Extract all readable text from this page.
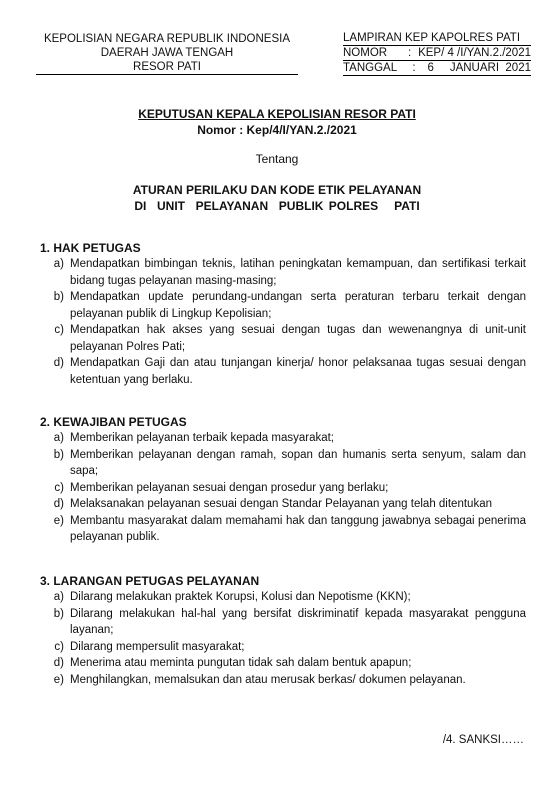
KEPOLISIAN NEGARA REPUBLIK INDONESIA
DAERAH JAWA TENGAH
RESOR PATI
LAMPIRAN KEP KAPOLRES PATI
NOMOR	: KEP/ 4 /I/YAN.2./2021
TANGGAL	:	6     JANUARI  2021
KEPUTUSAN KEPALA KEPOLISIAN RESOR PATI
Nomor : Kep/4/I/YAN.2./2021
Tentang
ATURAN PERILAKU DAN KODE ETIK PELAYANAN
DI  UNIT  PELAYANAN  PUBLIK POLRES   PATI
1. HAK PETUGAS
a) Mendapatkan bimbingan teknis, latihan peningkatan kemampuan, dan sertifikasi terkait bidang tugas pelayanan masing-masing;
b) Mendapatkan update perundang-undangan serta peraturan terbaru terkait dengan pelayanan publik di Lingkup Kepolisian;
c) Mendapatkan hak akses yang sesuai dengan tugas dan wewenangnya di unit-unit pelayanan Polres Pati;
d) Mendapatkan Gaji dan atau tunjangan kinerja/ honor pelaksanaa tugas sesuai dengan ketentuan yang berlaku.
2. KEWAJIBAN PETUGAS
a) Memberikan pelayanan terbaik kepada masyarakat;
b) Memberikan pelayanan dengan ramah, sopan dan humanis serta senyum, salam dan sapa;
c) Memberikan pelayanan sesuai dengan prosedur yang berlaku;
d) Melaksanakan pelayanan sesuai dengan Standar Pelayanan yang telah ditentukan
e) Membantu masyarakat dalam memahami hak dan tanggung jawabnya sebagai penerima pelayanan publik.
3. LARANGAN PETUGAS PELAYANAN
a) Dilarang melakukan praktek Korupsi, Kolusi dan Nepotisme (KKN);
b) Dilarang melakukan hal-hal yang bersifat diskriminatif kepada masyarakat pengguna layanan;
c) Dilarang mempersulit masyarakat;
d) Menerima atau meminta pungutan tidak sah dalam bentuk apapun;
e) Menghilangkan, memalsukan dan atau merusak berkas/ dokumen pelayanan.
/4. SANKSI……
